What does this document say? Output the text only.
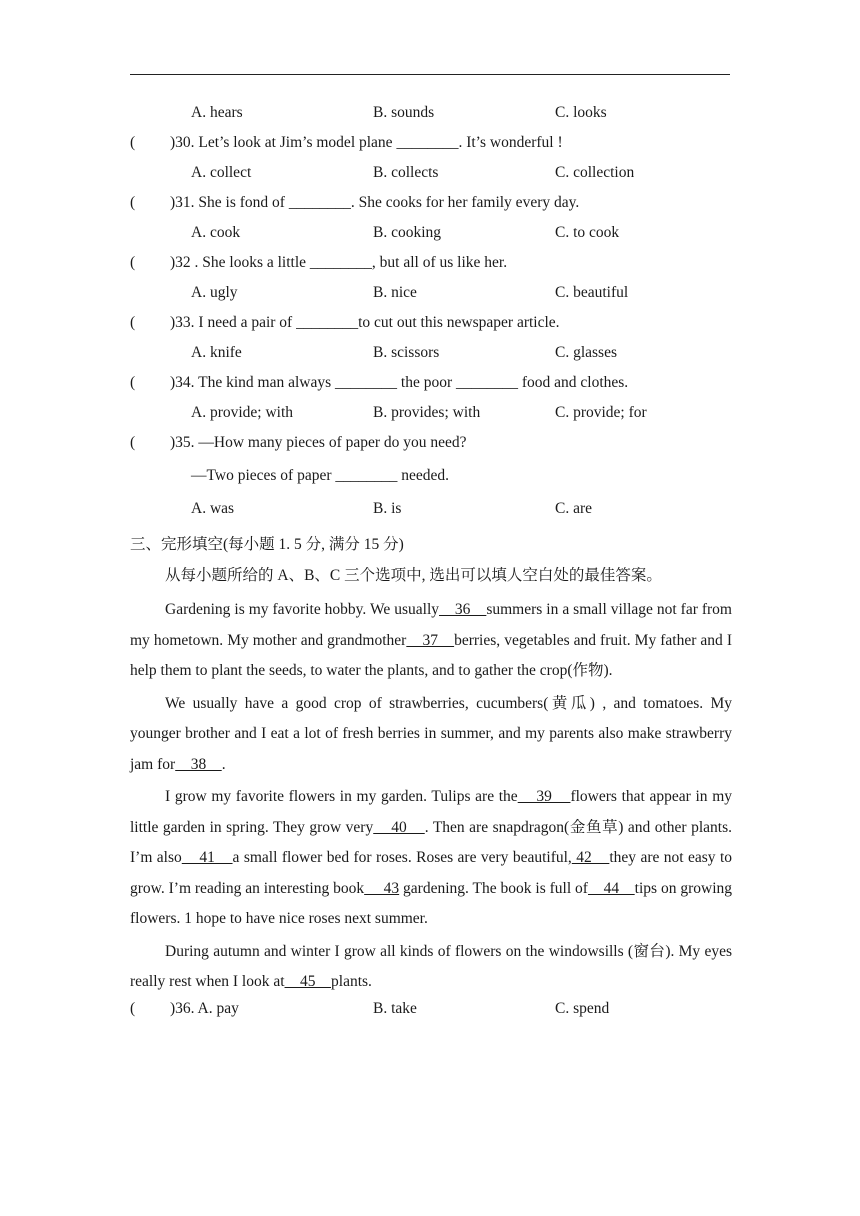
A. hears	B. sounds	C. looks
( )30. Let’s look at Jim’s model plane ________. It’s wonderful !
A. collect	B. collects	C. collection
( )31. She is fond of ________. She cooks for her family every day.
A. cook	B. cooking	C. to cook
( )32 . She looks a little ________, but all of us like her.
A. ugly	B. nice	C. beautiful
( )33. I need a pair of ________to cut out this newspaper article.
A. knife	B. scissors	C. glasses
( )34. The kind man always ________ the poor ________ food and clothes.
A. provide; with	B. provides; with	C. provide; for
( )35. —How many pieces of paper do you need?
—Two pieces of paper ________ needed.
A. was	B. is	C. are
三、完形填空(每小题 1. 5 分, 满分 15 分)
从每小题所给的 A、B、C 三个选项中, 选出可以填人空白处的最佳答案。

Gardening is my favorite hobby. We usually    36    summers in a small village not far from my hometown. My mother and grandmother    37    berries, vegetables and fruit. My father and I help them to plant the seeds, to water the plants, and to gather the crop(作物).

We usually have a good crop of strawberries, cucumbers(黄瓜) , and tomatoes. My younger brother and I eat a lot of fresh berries in summer, and my parents also make strawberry jam for    38    .

I grow my favorite flowers in my garden. Tulips are the    39    flowers that appear in my little garden in spring. They grow very    40    . Then are snapdragon(金鱼草) and other plants. I’m also    41    a small flower bed for roses. Roses are very beautiful, 42    they are not easy to grow. I’m reading an interesting book     43 gardening. The book is full of    44    tips on growing flowers. 1 hope to have nice roses next summer.

During autumn and winter I grow all kinds of flowers on the windowsills (窗台). My eyes really rest when I look at    45    plants.

( )36. A. pay	B. take	C. spend
